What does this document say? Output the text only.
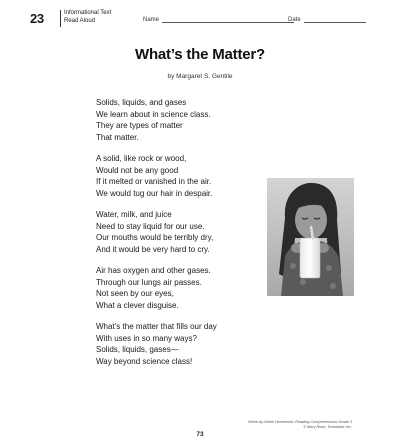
23	Informational Text
Read Aloud	Name	Date
What’s the Matter?
by Margaret S. Gentile
Solids, liquids, and gases
We learn about in science class.
They are types of matter
That matter.
A solid, like rock or wood,
Would not be any good
If it melted or vanished in the air.
We would tug our hair in despair.
Water, milk, and juice
Need to stay liquid for our use.
Our mouths would be terribly dry,
And it would be very hard to cry.
Air has oxygen and other gases.
Through our lungs air passes.
Not seen by our eyes,
What a clever disguise.
What’s the matter that fills our day
With uses in so many ways?
Solids, liquids, gases—
Way beyond science class!
Week-by-Week Homework: Reading Comprehension Grade 3
© Mary Rose, Scholastic Inc.
73
